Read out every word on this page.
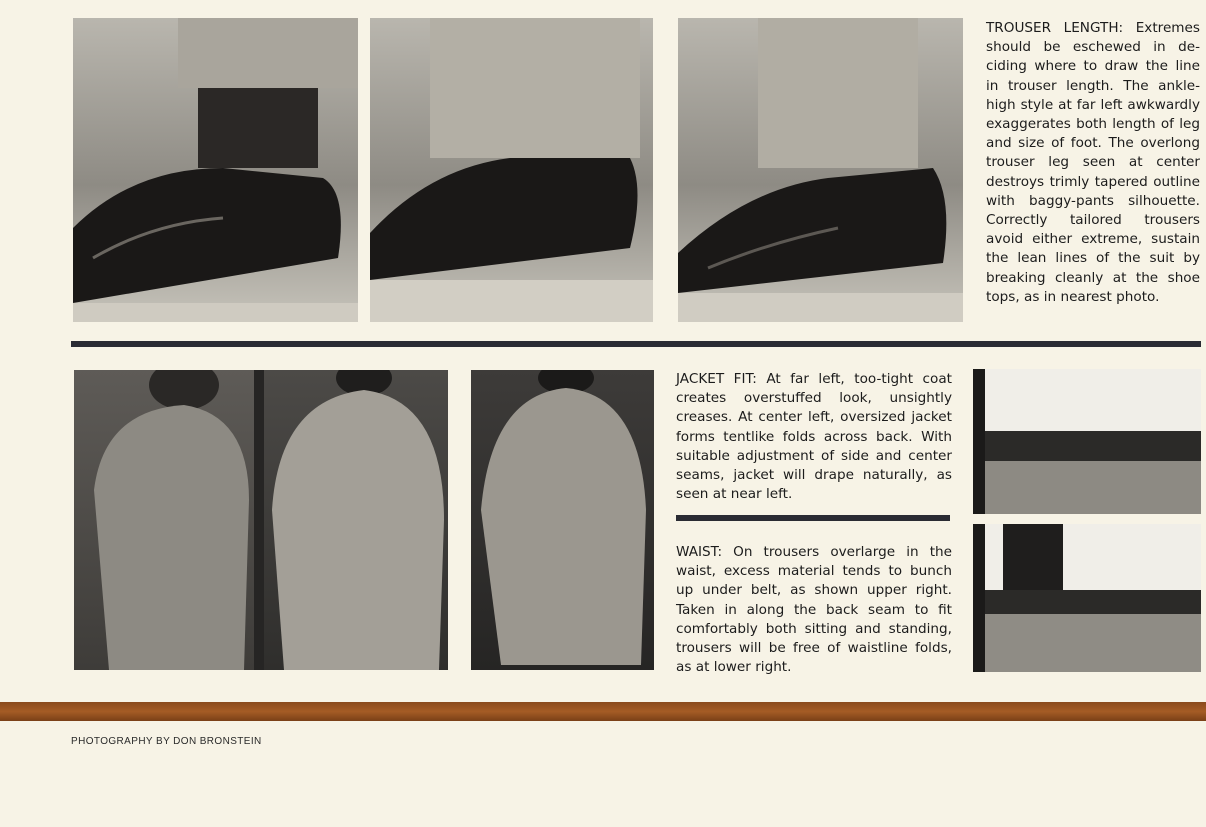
TROUSER LENGTH: Extremes should be eschewed in de-ciding where to draw the line in trouser length. The ankle-high style at far left awkwardly exaggerates both length of leg and size of foot. The overlong trouser leg seen at center destroys trimly tapered outline with baggy-pants silhouette. Correctly tailored trousers avoid either extreme, sustain the lean lines of the suit by breaking cleanly at the shoe tops, as in nearest photo.
JACKET FIT: At far left, too-tight coat creates overstuffed look, unsightly creases. At center left, oversized jacket forms tentlike folds across back. With suitable adjustment of side and center seams, jacket will drape naturally, as seen at near left.
WAIST: On trousers overlarge in the waist, excess material tends to bunch up under belt, as shown upper right. Taken in along the back seam to fit comfortably both sitting and standing, trousers will be free of waistline folds, as at lower right.
PHOTOGRAPHY BY DON BRONSTEIN
